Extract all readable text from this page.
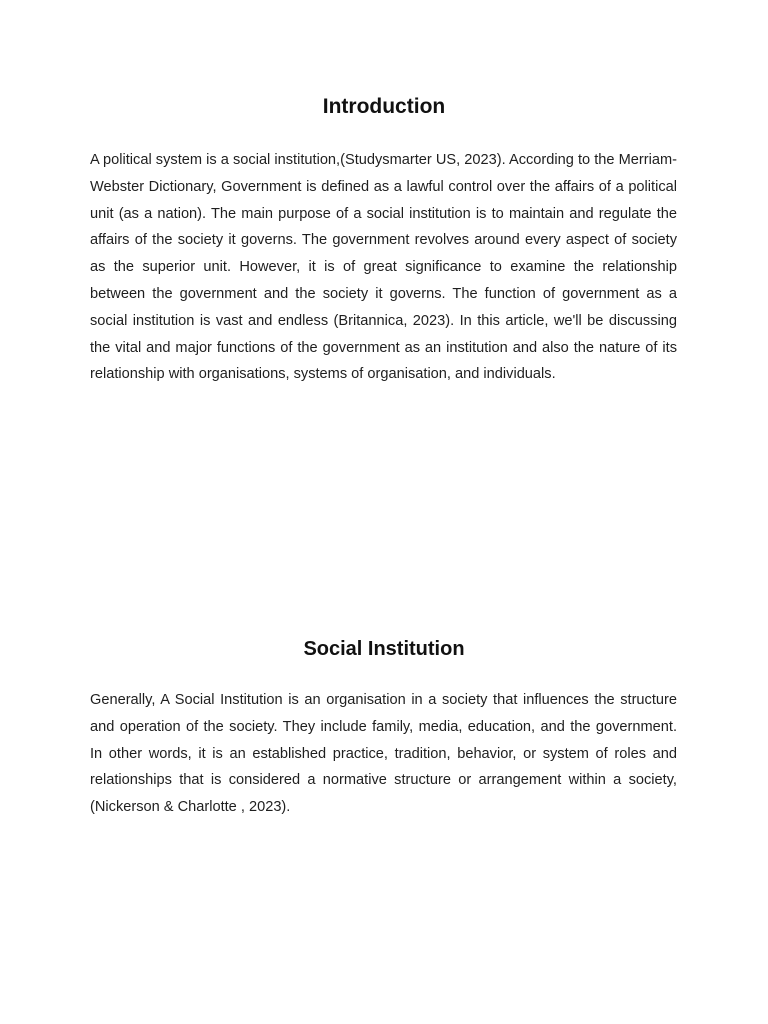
Introduction

A political system is a social institution,(Studysmarter US, 2023). According to the Merriam-Webster Dictionary, Government is defined as a lawful control over the affairs of a political unit (as a nation). The main purpose of a social institution is to maintain and regulate the affairs of the society it governs. The government revolves around every aspect of society as the superior unit. However, it is of great significance to examine the relationship between the government and the society it governs. The function of government as a social institution is vast and endless (Britannica, 2023). In this article, we'll be discussing the vital and major functions of the government as an institution and also the nature of its relationship with organisations, systems of organisation, and individuals.

Social Institution

Generally, A Social Institution is an organisation in a society that influences the structure and operation of the society. They include family, media, education, and the government. In other words, it is an established practice, tradition, behavior, or system of roles and relationships that is considered a normative structure or arrangement within a society, (Nickerson & Charlotte , 2023).
